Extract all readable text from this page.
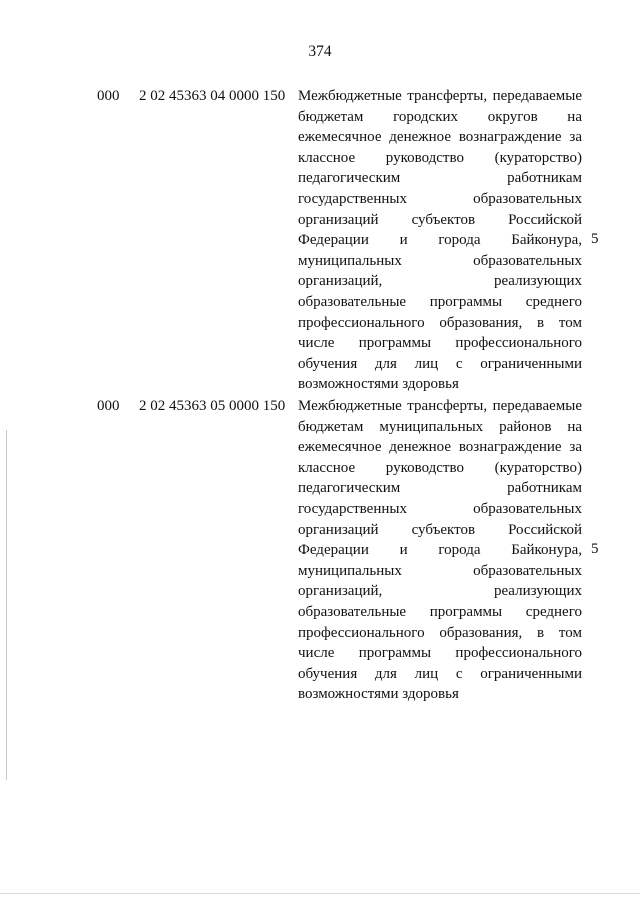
374
000 2 02 45363 04 0000 150 Межбюджетные трансферты, передаваемые
бюджетам городских округов на
ежемесячное денежное вознаграждение за
классное руководство (кураторство)
педагогическим работникам
государственных образовательных
организаций субъектов Российской
Федерации и города Байконура,
муниципальных образовательных
организаций, реализующих
образовательные программы среднего
профессионального образования, в том
числе программы профессионального
обучения для лиц с ограниченными
возможностями здоровья
5
000 2 02 45363 05 0000 150 Межбюджетные трансферты, передаваемые
бюджетам муниципальных районов на
ежемесячное денежное вознаграждение за
классное руководство (кураторство)
педагогическим работникам
государственных образовательных
организаций субъектов Российской
Федерации и города Байконура,
муниципальных образовательных
организаций, реализующих
образовательные программы среднего
профессионального образования, в том
числе программы профессионального
обучения для лиц с ограниченными
возможностями здоровья
5
